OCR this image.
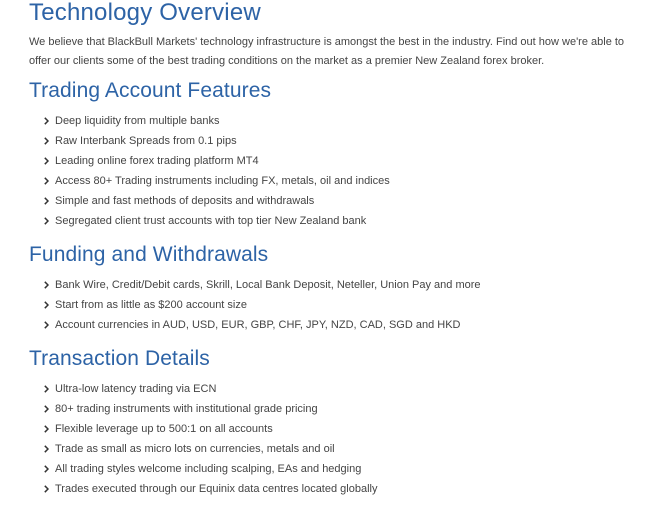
Technology Overview

We believe that BlackBull Markets' technology infrastructure is amongst the best in the industry. Find out how we're able to offer our clients some of the best trading conditions on the market as a premier New Zealand forex broker.

Trading Account Features
Deep liquidity from multiple banks
Raw Interbank Spreads from 0.1 pips
Leading online forex trading platform MT4
Access 80+ Trading instruments including FX, metals, oil and indices
Simple and fast methods of deposits and withdrawals
Segregated client trust accounts with top tier New Zealand bank
Funding and Withdrawals
Bank Wire, Credit/Debit cards, Skrill, Local Bank Deposit, Neteller, Union Pay and more
Start from as little as $200 account size
Account currencies in AUD, USD, EUR, GBP, CHF, JPY, NZD, CAD, SGD and HKD
Transaction Details
Ultra-low latency trading via ECN
80+ trading instruments with institutional grade pricing
Flexible leverage up to 500:1 on all accounts
Trade as small as micro lots on currencies, metals and oil
All trading styles welcome including scalping, EAs and hedging
Trades executed through our Equinix data centres located globally
